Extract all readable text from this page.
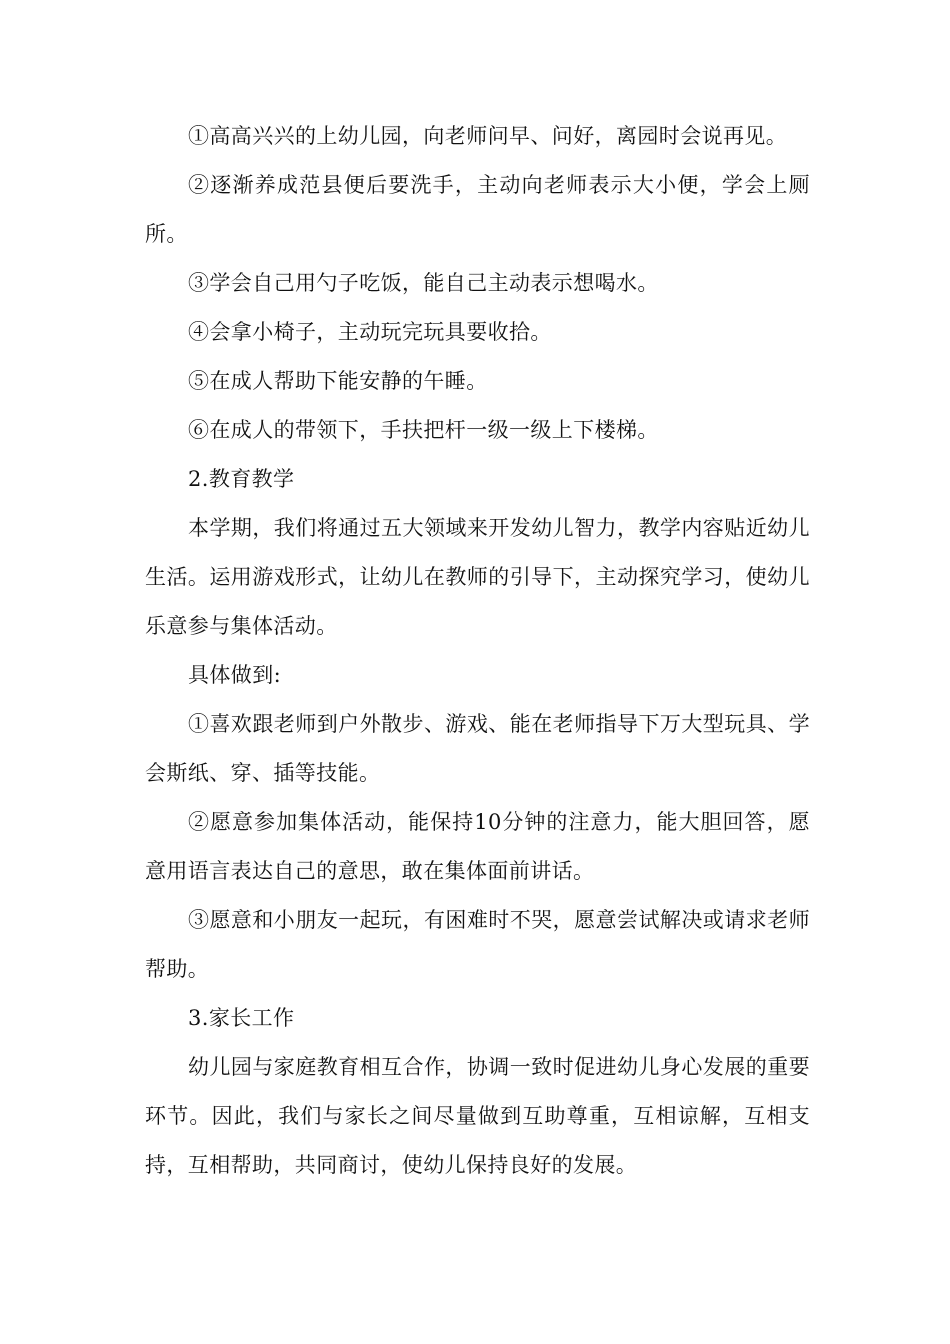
①高高兴兴的上幼儿园，向老师问早、问好，离园时会说再见。

②逐渐养成范县便后要洗手，主动向老师表示大小便，学会上厕所。

③学会自己用勺子吃饭，能自己主动表示想喝水。

④会拿小椅子，主动玩完玩具要收拾。

⑤在成人帮助下能安静的午睡。

⑥在成人的带领下，手扶把杆一级一级上下楼梯。

2.教育教学

本学期，我们将通过五大领域来开发幼儿智力，教学内容贴近幼儿生活。运用游戏形式，让幼儿在教师的引导下，主动探究学习，使幼儿乐意参与集体活动。

具体做到:

①喜欢跟老师到户外散步、游戏、能在老师指导下万大型玩具、学会斯纸、穿、插等技能。

②愿意参加集体活动，能保持10分钟的注意力，能大胆回答，愿意用语言表达自己的意思，敢在集体面前讲话。

③愿意和小朋友一起玩，有困难时不哭，愿意尝试解决或请求老师帮助。

3.家长工作

幼儿园与家庭教育相互合作，协调一致时促进幼儿身心发展的重要环节。因此，我们与家长之间尽量做到互助尊重，互相谅解，互相支持，互相帮助，共同商讨，使幼儿保持良好的发展。
